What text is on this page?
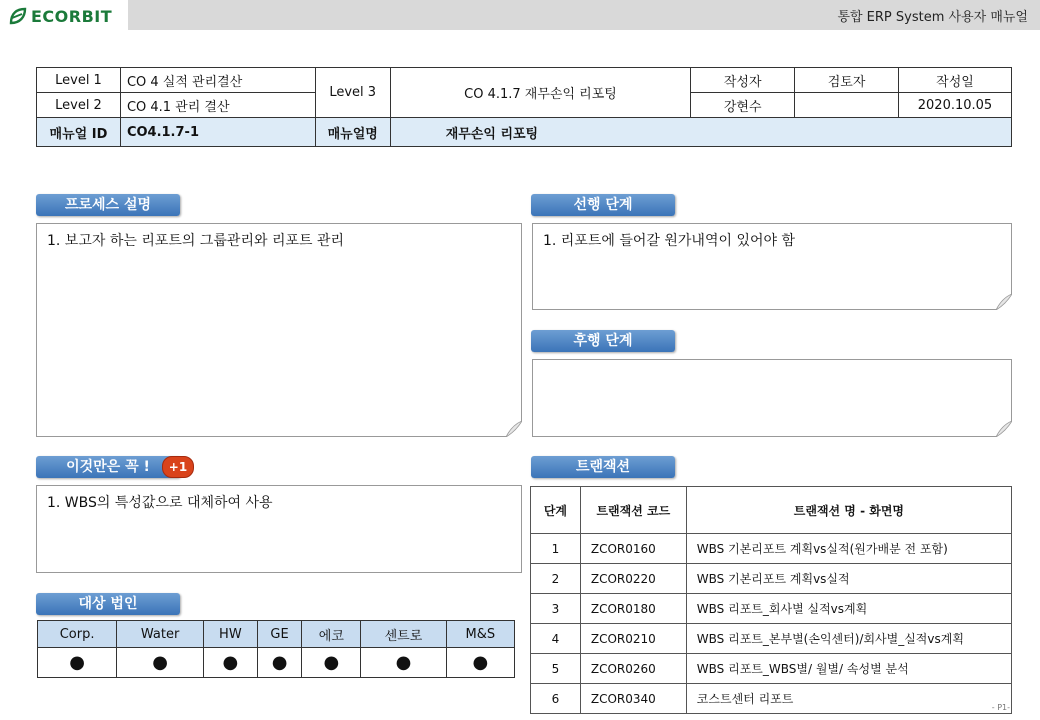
ECORBIT	통합 ERP System 사용자 매뉴얼
Level 1	CO 4 실적 관리결산	Level 3	CO 4.1.7 재무손익 리포팅	작성자	검토자	작성일
Level 2	CO 4.1 관리 결산			강현수		2020.10.05
매뉴얼 ID	CO4.1.7-1	매뉴얼명	재무손익 리포팅			
프로세스 설명
1. 보고자 하는 리포트의 그룹관리와 리포트 관리
선행 단계
1. 리포트에 들어갈 원가내역이 있어야 함
후행 단계
이것만은 꼭 !	+1
1. WBS의 특성값으로 대체하여 사용
대상 법인
Corp.	Water	HW	GE	에코	센트로	M&S
●	●	●	●	●	●	●
트랜잭션
단계	트랜잭션 코드	트랜잭션 명 - 화면명
1	ZCOR0160	WBS 기본리포트 계획vs실적(원가배분 전 포함)
2	ZCOR0220	WBS 기본리포트 계획vs실적
3	ZCOR0180	WBS 리포트_회사별 실적vs계획
4	ZCOR0210	WBS 리포트_본부별(손익센터)/회사별_실적vs계획
5	ZCOR0260	WBS 리포트_WBS별/ 월별/ 속성별 분석
6	ZCOR0340	코스트센터 리포트
- P1-
